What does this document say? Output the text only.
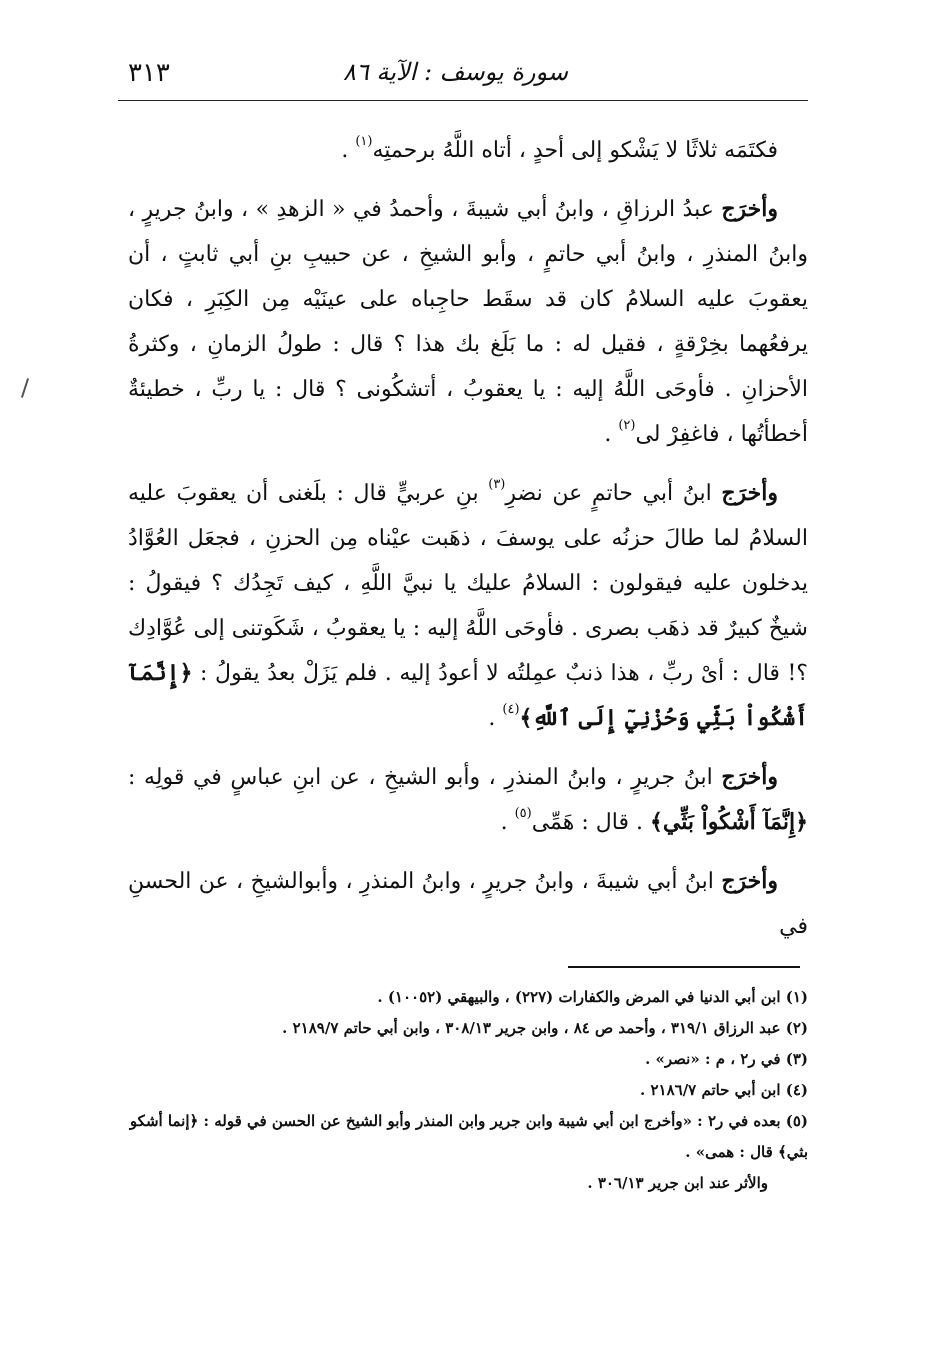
سورة يوسف : الآية ٨٦
٣١٣

فكتَمَه ثلاثًا لا يَشْكو إلى أحدٍ ، أتاه اللَّهُ برحمتِه$^{(١)}$ .

وأخرَج عبدُ الرزاقِ ، وابنُ أبي شيبةَ ، وأحمدُ في « الزهدِ » ، وابنُ جريرٍ ، وابنُ المنذرِ ، وابنُ أبي حاتمٍ ، وأبو الشيخِ ، عن حبيبِ بنِ أبي ثابتٍ ، أن يعقوبَ عليه السلامُ كان قد سقَط حاجِباه على عينَيْه مِن الكِبَرِ ، فكان يرفعُهما بخِرْقةٍ ، فقيل له : ما بَلَغ بك هذا ؟ قال : طولُ الزمانِ ، وكثرةُ الأحزانِ . فأوحَى اللَّهُ إليه : يا يعقوبُ ، أتشكُونى ؟ قال : يا ربِّ ، خطيئةٌ أخطأتُها ، فاغفِرْ لى$^{(٢)}$ .

وأخرَج ابنُ أبي حاتمٍ عن نضرِ$^{(٣)}$ بنِ عربيٍّ قال : بلَغنى أن يعقوبَ عليه السلامُ لما طالَ حزنُه على يوسفَ ، ذهَبت عيْناه مِن الحزنِ ، فجعَل العُوَّادُ يدخلون عليه فيقولون : السلامُ عليك يا نبيَّ اللَّهِ ، كيف تَجِدُك ؟ فيقولُ : شيخٌ كبيرٌ قد ذهَب بصرى . فأوحَى اللَّهُ إليه : يا يعقوبُ ، شَكَوتنى إلى عُوَّادِك ؟! قال : أىْ ربِّ ، هذا ذنبٌ عمِلتُه لا أعودُ إليه . فلم يَزَلْ بعدُ يقولُ : ﴿إِنَّمَآ أَشْكُواْ بَثِّي وَحُزْنِيٓ إِلَى ٱللَّهِ﴾$^{(٤)}$ .

وأخرَج ابنُ جريرٍ ، وابنُ المنذرِ ، وأبو الشيخِ ، عن ابنِ عباسٍ في قولِه : ﴿إِنَّمَآ أَشْكُواْ بَثِّي﴾ . قال : هَمِّى$^{(٥)}$ .

وأخرَج ابنُ أبي شيبةَ ، وابنُ جريرٍ ، وابنُ المنذرِ ، وأبوالشيخِ ، عن الحسنِ في

(١) ابن أبي الدنيا في المرض والكفارات (٢٢٧) ، والبيهقي (١٠٠٥٢) .

(٢) عبد الرزاق ٣١٩/١ ، وأحمد ص ٨٤ ، وابن جرير ٣٠٨/١٣ ، وابن أبي حاتم ٢١٨٩/٧ .

(٣) في ر٢ ، م : «نصر» .

(٤) ابن أبي حاتم ٢١٨٦/٧ .

(٥) بعده في ر٢ : «وأخرج ابن أبي شيبة وابن جرير وابن المنذر وأبو الشيخ عن الحسن في قوله : ﴿إنما أشكو بثي﴾ قال : همى» .

والأثر عند ابن جرير ٣٠٦/١٣ .
